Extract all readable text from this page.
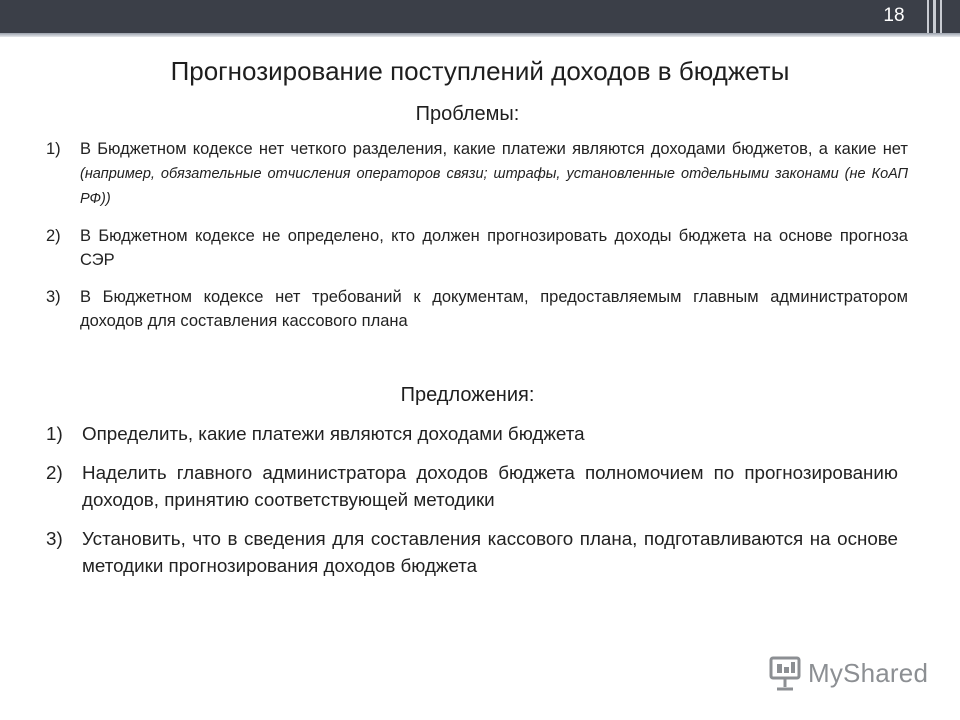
18
Прогнозирование поступлений доходов в бюджеты
Проблемы:
1) В Бюджетном кодексе нет четкого разделения, какие платежи являются доходами бюджетов, а какие нет (например, обязательные отчисления операторов связи; штрафы, установленные отдельными законами (не КоАП РФ))
2) В Бюджетном кодексе не определено, кто должен прогнозировать доходы бюджета на основе прогноза СЭР
3) В Бюджетном кодексе нет требований к документам, предоставляемым главным администратором доходов для составления кассового плана
Предложения:
1) Определить, какие платежи являются доходами бюджета
2) Наделить главного администратора доходов бюджета полномочием по прогнозированию доходов, принятию соответствующей методики
3) Установить, что в сведения для составления кассового плана, подготавливаются на основе методики прогнозирования доходов бюджета
MyShared
